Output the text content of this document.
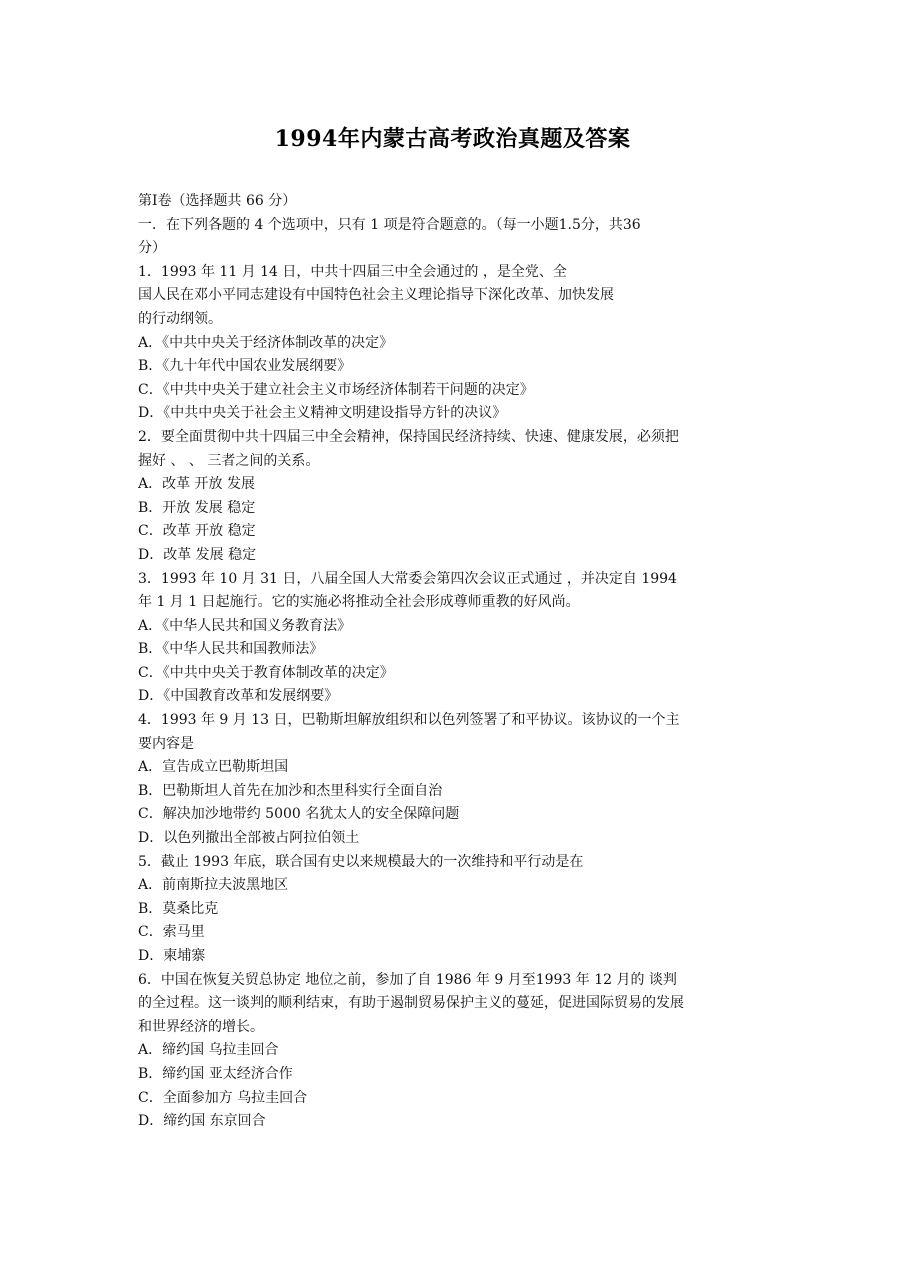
1994年内蒙古高考政治真题及答案
第Ⅰ卷（选择题共 66 分）
一．在下列各题的 4 个选项中，只有 1 项是符合题意的。（每一小题1.5分，共36
分）
1．1993 年 11 月 14 日，中共十四届三中全会通过的 ，是全党、全
国人民在邓小平同志建设有中国特色社会主义理论指导下深化改革、加快发展
的行动纲领。
A．《中共中央关于经济体制改革的决定》
B．《九十年代中国农业发展纲要》
C．《中共中央关于建立社会主义市场经济体制若干问题的决定》
D．《中共中央关于社会主义精神文明建设指导方针的决议》
2．要全面贯彻中共十四届三中全会精神，保持国民经济持续、快速、健康发展，必须把
握好 、 、 三者之间的关系。
A．改革 开放 发展
B．开放 发展 稳定
C．改革 开放 稳定
D．改革 发展 稳定
3．1993 年 10 月 31 日，八届全国人大常委会第四次会议正式通过 ，并决定自 1994
年 1 月 1 日起施行。它的实施必将推动全社会形成尊师重教的好风尚。
A．《中华人民共和国义务教育法》
B．《中华人民共和国教师法》
C．《中共中央关于教育体制改革的决定》
D．《中国教育改革和发展纲要》
4．1993 年 9 月 13 日，巴勒斯坦解放组织和以色列签署了和平协议。该协议的一个主
要内容是
A．宣告成立巴勒斯坦国
B．巴勒斯坦人首先在加沙和杰里科实行全面自治
C．解决加沙地带约 5000 名犹太人的安全保障问题
D．以色列撤出全部被占阿拉伯领土
5．截止 1993 年底，联合国有史以来规模最大的一次维持和平行动是在
A．前南斯拉夫波黑地区
B．莫桑比克
C．索马里
D．柬埔寨
6．中国在恢复关贸总协定 地位之前，参加了自 1986 年 9 月至1993 年 12 月的 谈判
的全过程。这一谈判的顺利结束，有助于遏制贸易保护主义的蔓延，促进国际贸易的发展
和世界经济的增长。
A．缔约国 乌拉圭回合
B．缔约国 亚太经济合作
C．全面参加方 乌拉圭回合
D．缔约国 东京回合
